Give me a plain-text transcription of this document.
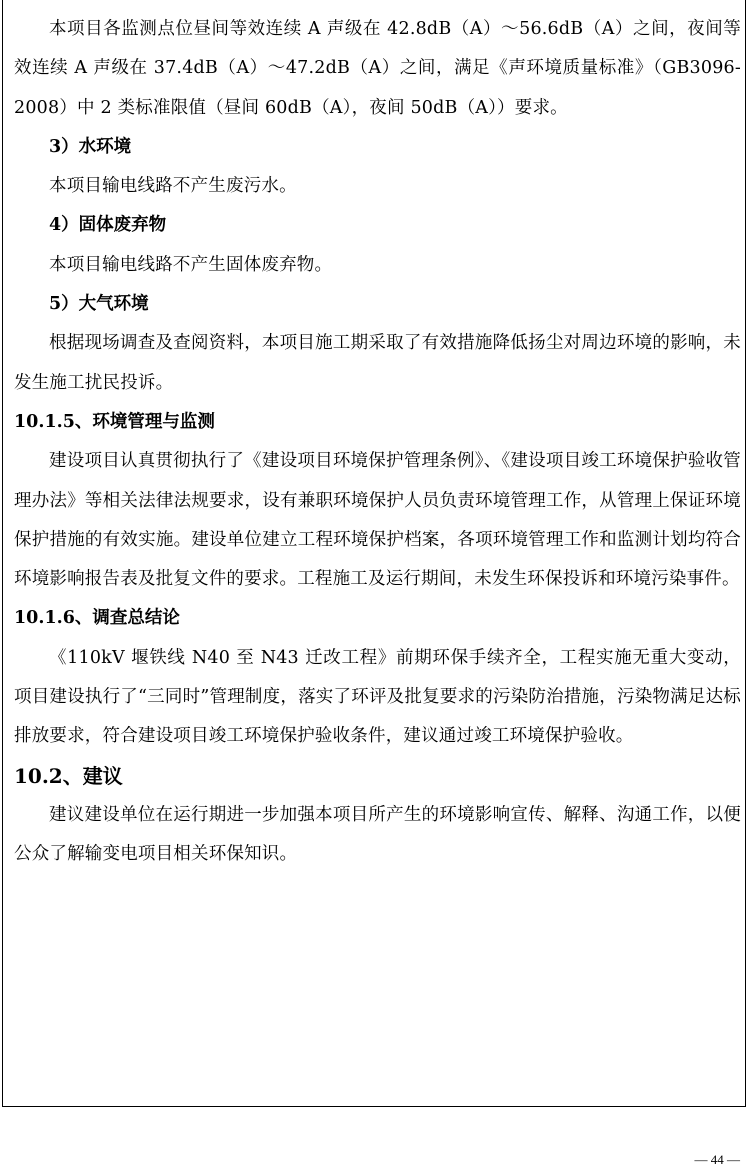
本项目各监测点位昼间等效连续 A 声级在 42.8dB（A）～56.6dB（A）之间，夜间等效连续 A 声级在 37.4dB（A）～47.2dB（A）之间，满足《声环境质量标准》（GB3096-2008）中 2 类标准限值（昼间 60dB（A），夜间 50dB（A））要求。

3）水环境

本项目输电线路不产生废污水。

4）固体废弃物

本项目输电线路不产生固体废弃物。

5）大气环境

根据现场调查及查阅资料，本项目施工期采取了有效措施降低扬尘对周边环境的影响，未发生施工扰民投诉。

10.1.5、环境管理与监测

建设项目认真贯彻执行了《建设项目环境保护管理条例》、《建设项目竣工环境保护验收管理办法》等相关法律法规要求，设有兼职环境保护人员负责环境管理工作，从管理上保证环境保护措施的有效实施。建设单位建立工程环境保护档案，各项环境管理工作和监测计划均符合环境影响报告表及批复文件的要求。工程施工及运行期间，未发生环保投诉和环境污染事件。

10.1.6、调查总结论

《110kV 堰铁线 N40 至 N43 迁改工程》前期环保手续齐全，工程实施无重大变动，项目建设执行了“三同时”管理制度，落实了环评及批复要求的污染防治措施，污染物满足达标排放要求，符合建设项目竣工环境保护验收条件，建议通过竣工环境保护验收。

10.2、建议

建议建设单位在运行期进一步加强本项目所产生的环境影响宣传、解释、沟通工作，以便公众了解输变电项目相关环保知识。

— 44 —
